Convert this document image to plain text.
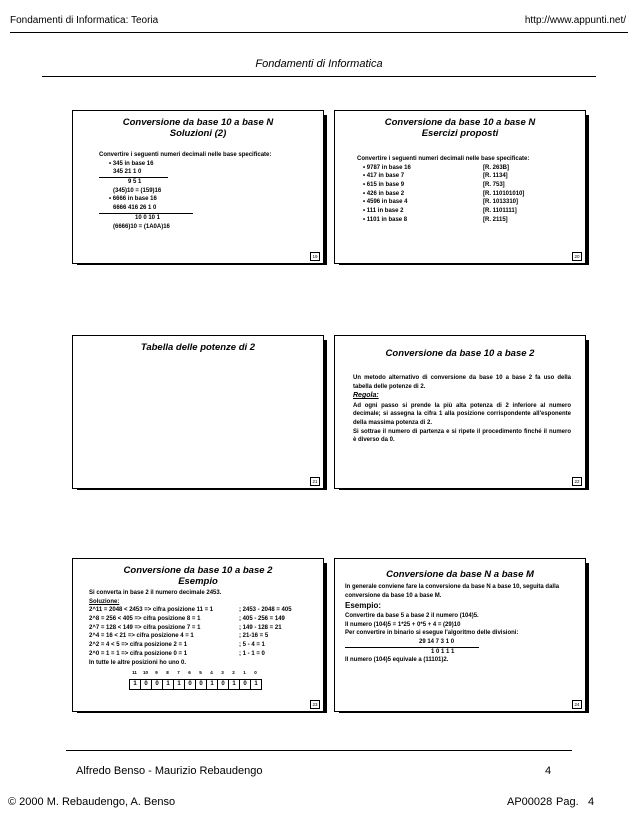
Fondamenti di Informatica: Teoria	http://www.appunti.net/
Fondamenti di Informatica
Conversione da base 10 a base N
Soluzioni (2)
Convertire i seguenti numeri decimali nelle base specificate:
• 345 in base 16
345 21 1 0
9 5 1
(345)10 = (159)16
• 6666 in base 16
6666 416 26 1 0
10 0 10 1
(6666)10 = (1A0A)16
19
Conversione da base 10 a base N
Esercizi proposti
Convertire i seguenti numeri decimali nelle base specificate:
• 9787 in base 16	[R. 263B]
• 417 in base 7	[R. 1134]
• 615 in base 9	[R. 753]
• 426 in base 2	[R. 110101010]
• 4596 in base 4	[R. 1013310]
• 111 in base 2	[R. 1101111]
• 1101 in base 8	[R. 2115]
20
Tabella delle potenze di 2
21
Conversione da base 10 a base 2
Un metodo alternativo di conversione da base 10 a base 2 fa uso della tabella delle potenze di 2.
Regola:
Ad ogni passo si prende la più alta potenza di 2 inferiore al numero decimale; si assegna la cifra 1 alla posizione corrispondente all'esponente della massima potenza di 2.
Si sottrae il numero di partenza e si ripete il procedimento finché il numero è diverso da 0.
22
Conversione da base 10 a base 2
Esempio
Si converta in base 2 il numero decimale 2453.
Soluzione:
2^11 = 2048 < 2453 => cifra posizione 11 = 1	; 2453 - 2048 = 405
2^8 = 256 < 405 => cifra posizione 8 = 1	; 405 - 256 = 149
2^7 = 128 < 149 => cifra posizione 7 = 1	; 149 - 128 = 21
2^4 = 16 < 21 => cifra posizione 4 = 1	; 21-16 = 5
2^2 = 4 < 5 => cifra posizione 2 = 1	; 5 - 4 = 1
2^0 = 1 = 1 => cifra posizione 0 = 1	; 1 - 1 = 0
In tutte le altre posizioni ho uno 0.
11	10	9	8	7	6	5	4	3	2	1	0
1	0	0	1	1	0	0	1	0	1	0	1
23
Conversione da base N a base M
In generale conviene fare la conversione da base N a base 10, seguita dalla conversione da base 10 a base M.
Esempio:
Convertire da base 5 a base 2 il numero (104)5.
Il numero (104)5 = 1*25 + 0*5 + 4 = (29)10
Per convertire in binario si esegue l'algoritmo delle divisioni:
29 14 7 3 1 0
1 0 1 1 1
Il numero (104)5 equivale a (11101)2.
24
Alfredo Benso - Maurizio Rebaudengo	4
© 2000 M. Rebaudengo, A. Benso	AP00028 Pag. 4
